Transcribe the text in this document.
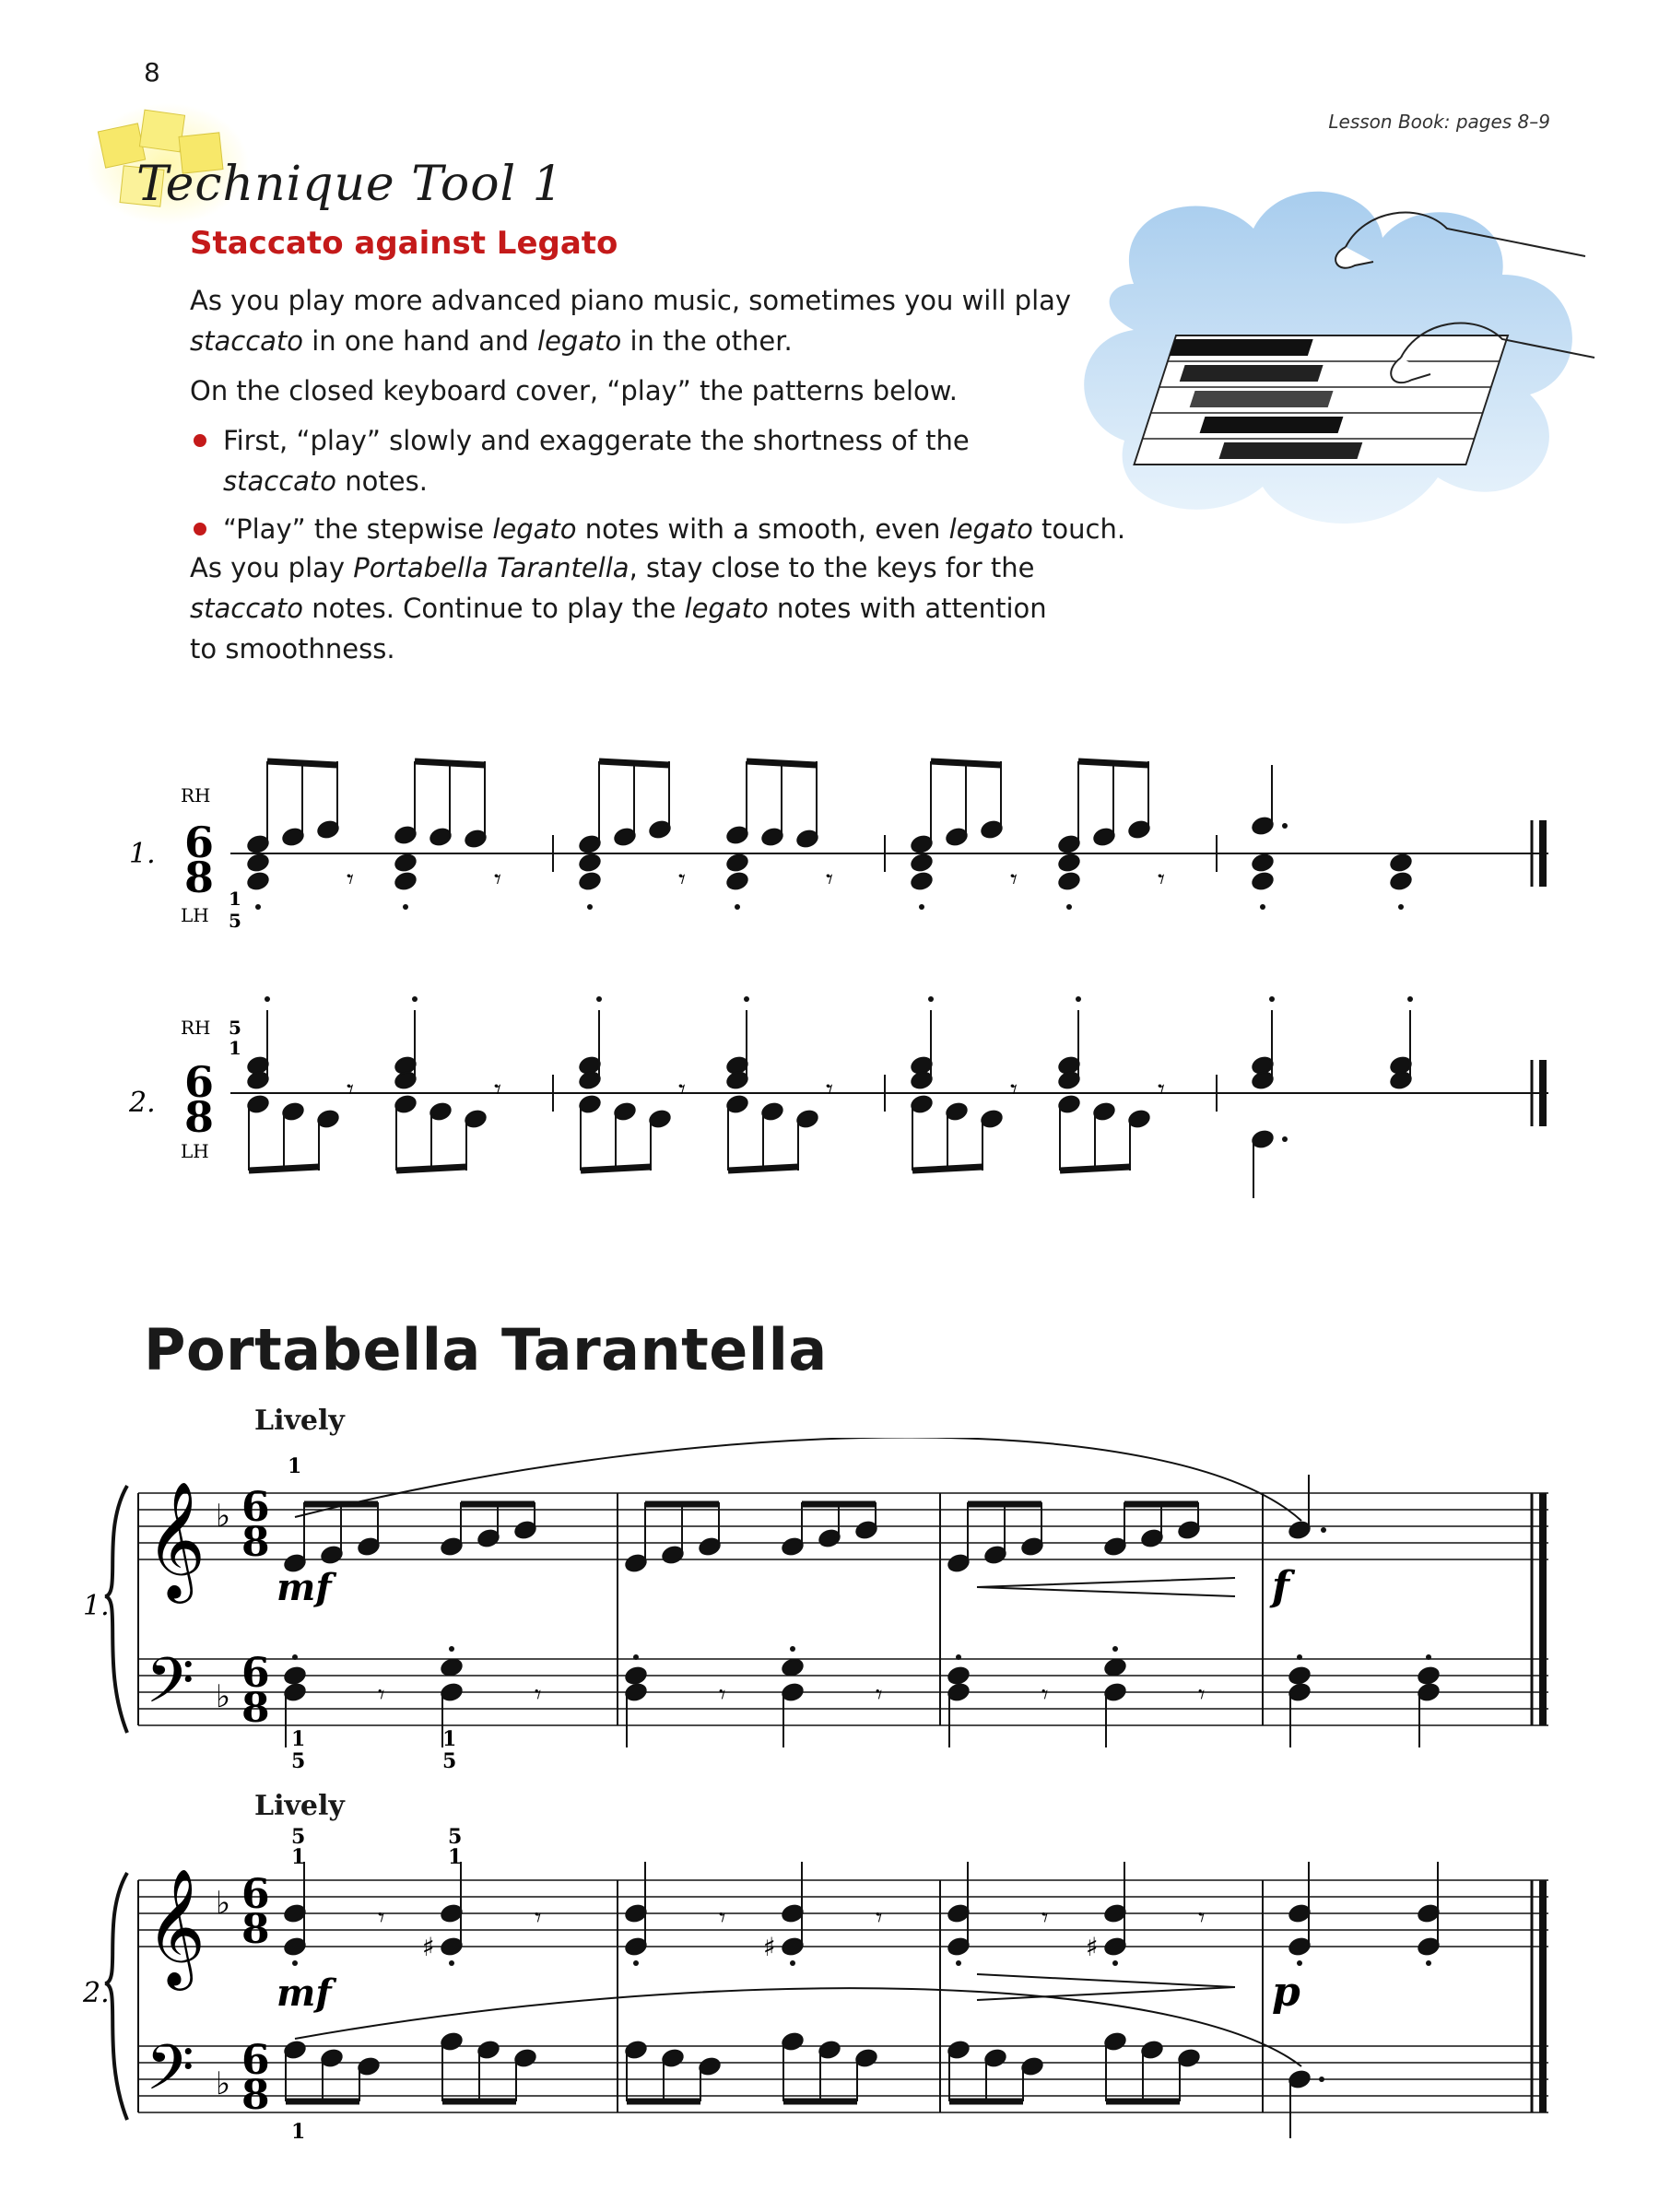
8
Lesson Book: pages 8–9
Technique Tool 1
Staccato against Legato
As you play more advanced piano music, sometimes you will play
staccato in one hand and legato in the other.
On the closed keyboard cover, “play” the patterns below.
First, “play” slowly and exaggerate the shortness of the
staccato notes.
“Play” the stepwise legato notes with a smooth, even legato touch.
As you play Portabella Tarantella, stay close to the keys for the
staccato notes. Continue to play the legato notes with attention
to smoothness.
1.
RH
LH
6
8 1
5
𝄾	𝄾	𝄾	𝄾	𝄾	𝄾
2.
RH
LH
5
1
6
8
𝄾	𝄾	𝄾	𝄾	𝄾	𝄾
Portabella Tarantella
Lively
Lively
1.
𝄞
𝄢
♭
♭
6
8
6
8	𝄾	𝄾	𝄾	𝄾	𝄾	𝄾
mf	f
1
1
5
1
5
2.
𝄞
𝄢
♭
♭
6
8
6
8
𝄾
♯
𝄾	𝄾
♯
𝄾	𝄾
♯
𝄾
mf	p
5
1
5
1
1
